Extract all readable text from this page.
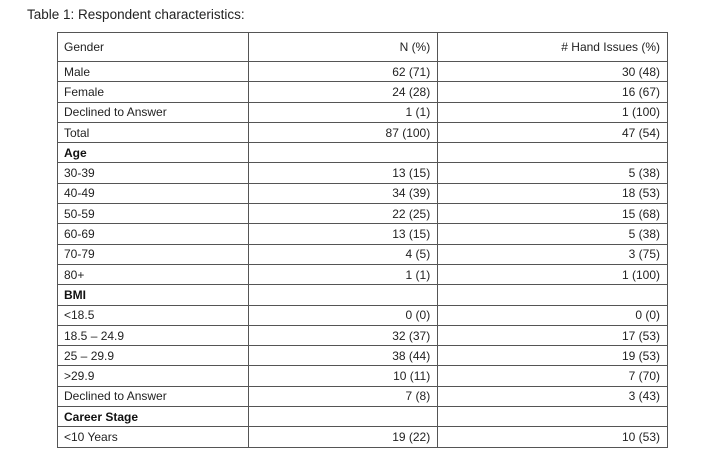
Table 1: Respondent characteristics:
Gender	N (%)	# Hand Issues (%)
Male	62 (71)	30 (48)
Female	24 (28)	16 (67)
Declined to Answer	1 (1)	1 (100)
Total	87 (100)	47 (54)
Age		
30-39	13 (15)	5 (38)
40-49	34 (39)	18 (53)
50-59	22 (25)	15 (68)
60-69	13 (15)	5 (38)
70-79	4 (5)	3 (75)
80+	1 (1)	1 (100)
BMI		
<18.5	0 (0)	0 (0)
18.5 – 24.9	32 (37)	17 (53)
25 – 29.9	38 (44)	19 (53)
>29.9	10 (11)	7 (70)
Declined to Answer	7 (8)	3 (43)
Career Stage		
<10 Years	19 (22)	10 (53)
